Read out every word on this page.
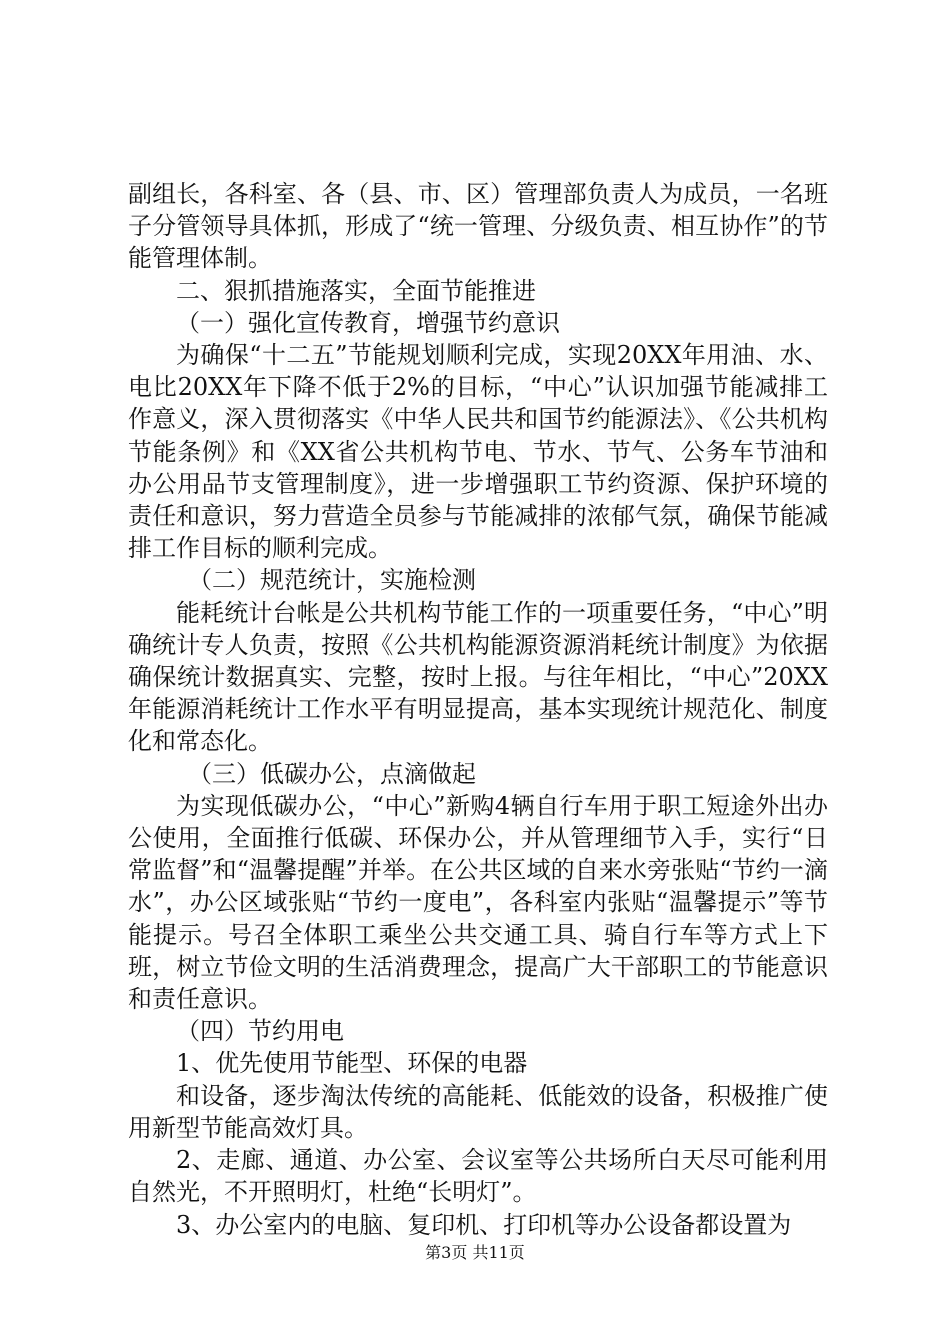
副组长，各科室、各（县、市、区）管理部负责人为成员，一名班子分管领导具体抓，形成了“统一管理、分级负责、相互协作”的节能管理体制。

二、狠抓措施落实，全面节能推进

（一）强化宣传教育，增强节约意识

为确保“十二五”节能规划顺利完成，实现20XX年用油、水、电比20XX年下降不低于2%的目标，“中心”认识加强节能减排工作意义，深入贯彻落实《中华人民共和国节约能源法》、《公共机构节能条例》和《XX省公共机构节电、节水、节气、公务车节油和办公用品节支管理制度》，进一步增强职工节约资源、保护环境的责任和意识，努力营造全员参与节能减排的浓郁气氛，确保节能减排工作目标的顺利完成。

（二）规范统计，实施检测

能耗统计台帐是公共机构节能工作的一项重要任务，“中心”明确统计专人负责，按照《公共机构能源资源消耗统计制度》为依据确保统计数据真实、完整，按时上报。与往年相比，“中心”20XX年能源消耗统计工作水平有明显提高，基本实现统计规范化、制度化和常态化。

（三）低碳办公，点滴做起

为实现低碳办公，“中心”新购4辆自行车用于职工短途外出办公使用，全面推行低碳、环保办公，并从管理细节入手，实行“日常监督”和“温馨提醒”并举。在公共区域的自来水旁张贴“节约一滴水”，办公区域张贴“节约一度电”，各科室内张贴“温馨提示”等节能提示。号召全体职工乘坐公共交通工具、骑自行车等方式上下班，树立节俭文明的生活消费理念，提高广大干部职工的节能意识和责任意识。

（四）节约用电

1、优先使用节能型、环保的电器

和设备，逐步淘汰传统的高能耗、低能效的设备，积极推广使用新型节能高效灯具。

2、走廊、通道、办公室、会议室等公共场所白天尽可能利用自然光，不开照明灯，杜绝“长明灯”。

3、办公室内的电脑、复印机、打印机等办公设备都设置为

第3页 共11页
